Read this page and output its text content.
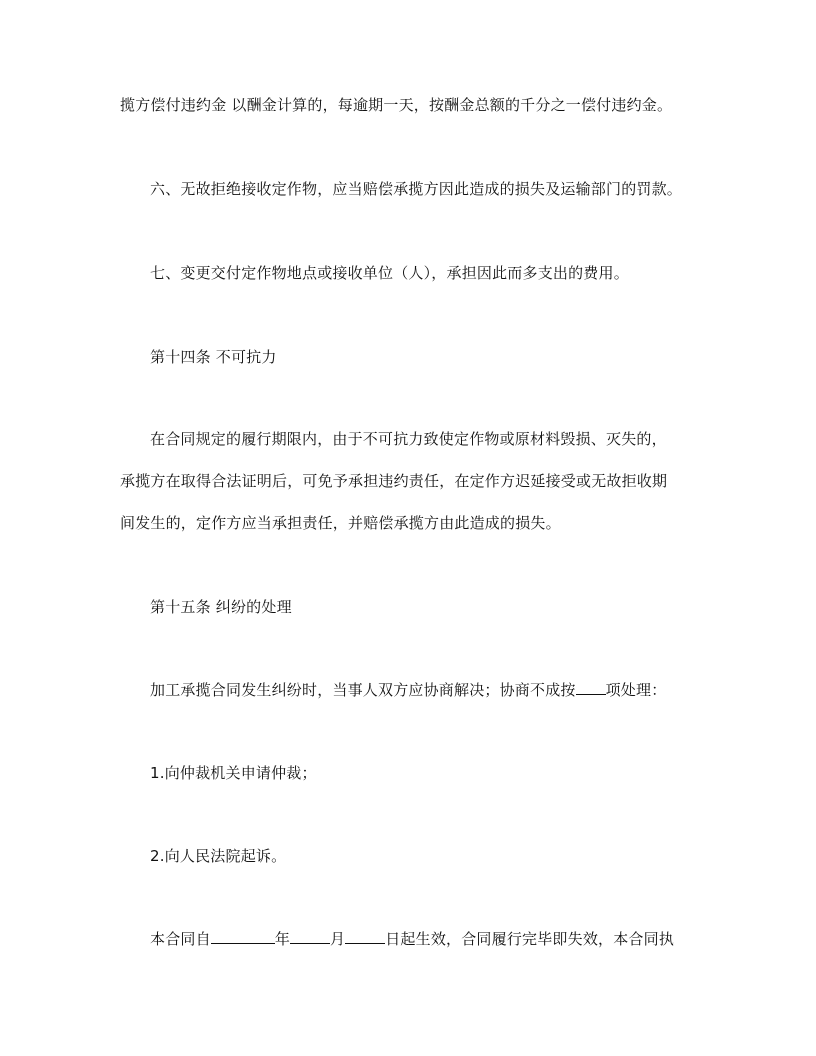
揽方偿付违约金 以酬金计算的，每逾期一天，按酬金总额的千分之一偿付违约金。
六、无故拒绝接收定作物，应当赔偿承揽方因此造成的损失及运输部门的罚款。
七、变更交付定作物地点或接收单位（人），承担因此而多支出的费用。
第十四条 不可抗力
在合同规定的履行期限内，由于不可抗力致使定作物或原材料毁损、灭失的，
承揽方在取得合法证明后，可免予承担违约责任，在定作方迟延接受或无故拒收期
间发生的，定作方应当承担责任，并赔偿承揽方由此造成的损失。
第十五条 纠纷的处理
加工承揽合同发生纠纷时，当事人双方应协商解决；协商不成按 项处理：
1.向仲裁机关申请仲裁；
2.向人民法院起诉。
本合同自	年	月	日起生效，合同履行完毕即失效，本合同执
